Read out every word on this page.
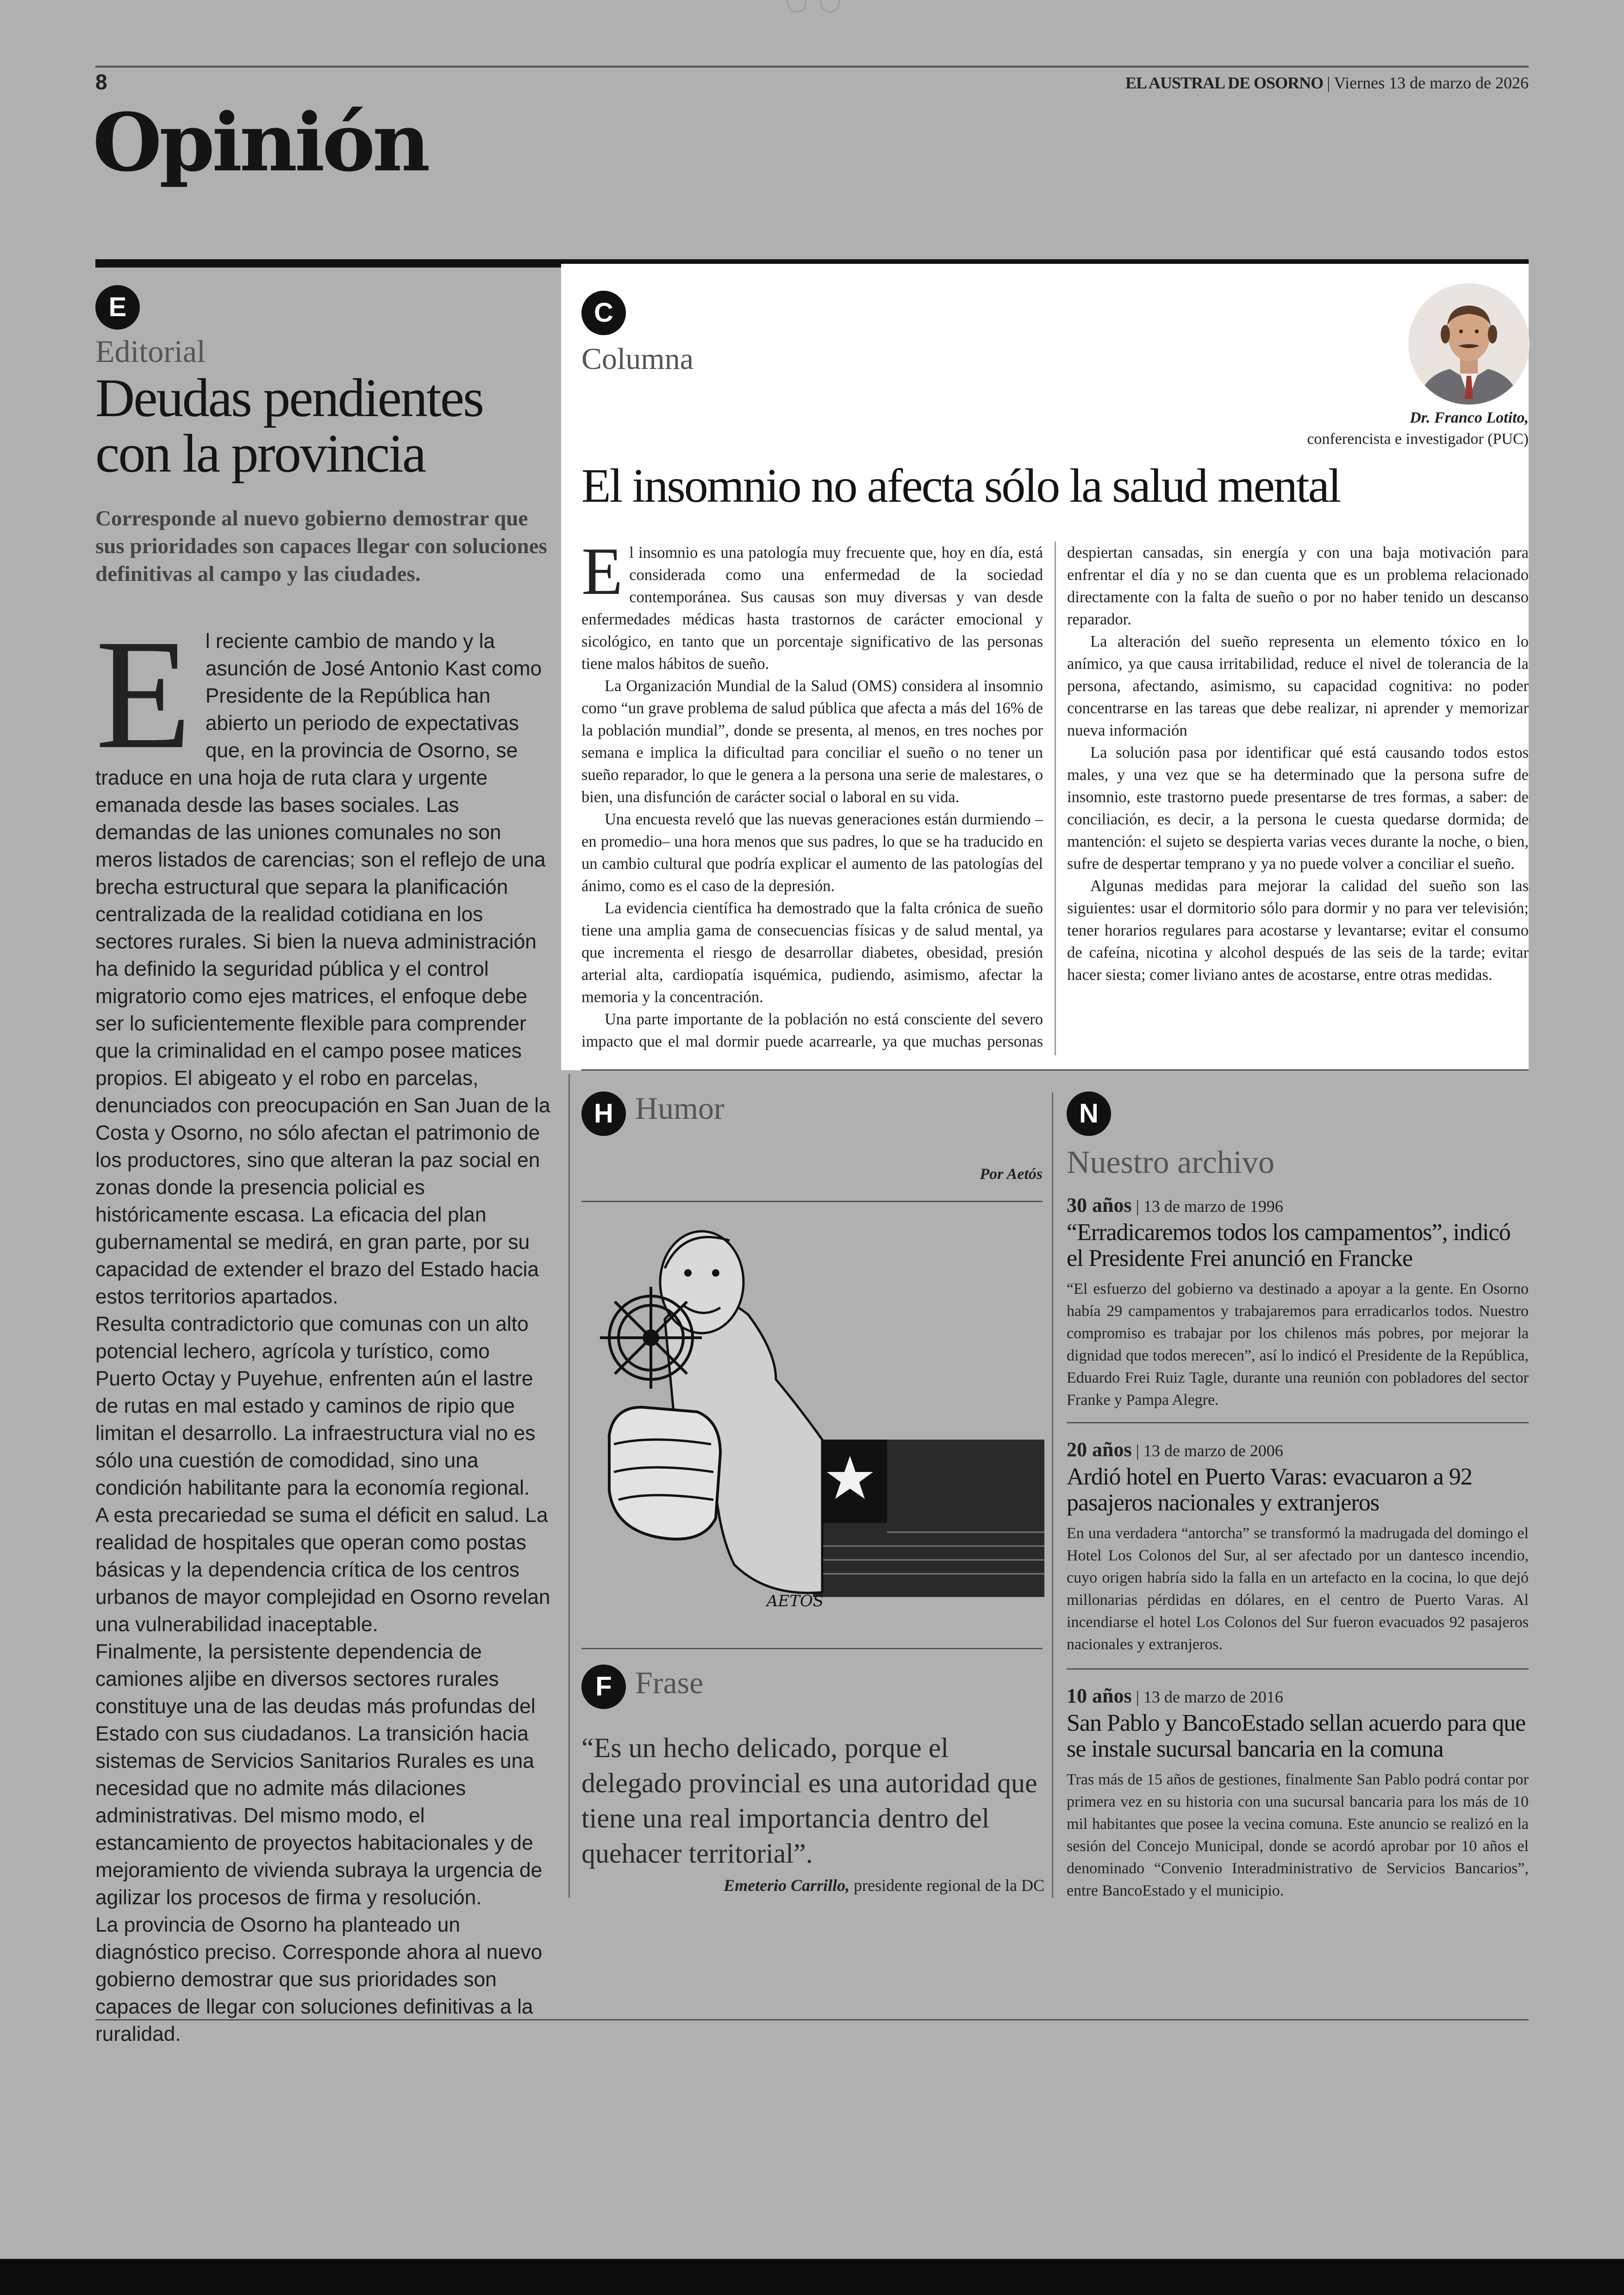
8	EL AUSTRAL DE OSORNO | Viernes 13 de marzo de 2026
Opinión
E
Editorial
Deudas pendientes con la provincia
Corresponde al nuevo gobierno demostrar que sus prioridades son capaces llegar con soluciones definitivas al campo y las ciudades.

El reciente cambio de mando y la asunción de José Antonio Kast como Presidente de la República han abierto un periodo de expectativas que, en la provincia de Osorno, se traduce en una hoja de ruta clara y urgente emanada desde las bases sociales. Las demandas de las uniones comunales no son meros listados de carencias; son el reflejo de una brecha estructural que separa la planificación centralizada de la realidad cotidiana en los sectores rurales. Si bien la nueva administración ha definido la seguridad pública y el control migratorio como ejes matrices, el enfoque debe ser lo suficientemente flexible para comprender que la criminalidad en el campo posee matices propios. El abigeato y el robo en parcelas, denunciados con preocupación en San Juan de la Costa y Osorno, no sólo afectan el patrimonio de los productores, sino que alteran la paz social en zonas donde la presencia policial es históricamente escasa. La eficacia del plan gubernamental se medirá, en gran parte, por su capacidad de extender el brazo del Estado hacia estos territorios apartados.

Resulta contradictorio que comunas con un alto potencial lechero, agrícola y turístico, como Puerto Octay y Puyehue, enfrenten aún el lastre de rutas en mal estado y caminos de ripio que limitan el desarrollo. La infraestructura vial no es sólo una cuestión de comodidad, sino una condición habilitante para la economía regional.

A esta precariedad se suma el déficit en salud. La realidad de hospitales que operan como postas básicas y la dependencia crítica de los centros urbanos de mayor complejidad en Osorno revelan una vulnerabilidad inaceptable.

Finalmente, la persistente dependencia de camiones aljibe en diversos sectores rurales constituye una de las deudas más profundas del Estado con sus ciudadanos. La transición hacia sistemas de Servicios Sanitarios Rurales es una necesidad que no admite más dilaciones administrativas. Del mismo modo, el estancamiento de proyectos habitacionales y de mejoramiento de vivienda subraya la urgencia de agilizar los procesos de firma y resolución.

La provincia de Osorno ha planteado un diagnóstico preciso. Corresponde ahora al nuevo gobierno demostrar que sus prioridades son capaces de llegar con soluciones definitivas a la ruralidad.

C
Columna
Dr. Franco Lotito,
conferencista e investigador (PUC)
El insomnio no afecta sólo la salud mental

El insomnio es una patología muy frecuente que, hoy en día, está considerada como una enfermedad de la sociedad contemporánea. Sus causas son muy diversas y van desde enfermedades médicas hasta trastornos de carácter emocional y sicológico, en tanto que un porcentaje significativo de las personas tiene malos hábitos de sueño.

La Organización Mundial de la Salud (OMS) considera al insomnio como “un grave problema de salud pública que afecta a más del 16% de la población mundial”, donde se presenta, al menos, en tres noches por semana e implica la dificultad para conciliar el sueño o no tener un sueño reparador, lo que le genera a la persona una serie de malestares, o bien, una disfunción de carácter social o laboral en su vida.

Una encuesta reveló que las nuevas generaciones están durmiendo –en promedio– una hora menos que sus padres, lo que se ha traducido en un cambio cultural que podría explicar el aumento de las patologías del ánimo, como es el caso de la depresión.

La evidencia científica ha demostrado que la falta crónica de sueño tiene una amplia gama de consecuencias físicas y de salud mental, ya que incrementa el riesgo de desarrollar diabetes, obesidad, presión arterial alta, cardiopatía isquémica, pudiendo, asimismo, afectar la memoria y la concentración.

Una parte importante de la población no está consciente del severo impacto que el mal dormir puede acarrearle, ya que muchas personas despiertan cansadas, sin energía y con una baja motivación para enfrentar el día y no se dan cuenta que es un problema relacionado directamente con la falta de sueño o por no haber tenido un descanso reparador.

La alteración del sueño representa un elemento tóxico en lo anímico, ya que causa irritabilidad, reduce el nivel de tolerancia de la persona, afectando, asimismo, su capacidad cognitiva: no poder concentrarse en las tareas que debe realizar, ni aprender y memorizar nueva información

La solución pasa por identificar qué está causando todos estos males, y una vez que se ha determinado que la persona sufre de insomnio, este trastorno puede presentarse de tres formas, a saber: de conciliación, es decir, a la persona le cuesta quedarse dormida; de mantención: el sujeto se despierta varias veces durante la noche, o bien, sufre de despertar temprano y ya no puede volver a conciliar el sueño.

Algunas medidas para mejorar la calidad del sueño son las siguientes: usar el dormitorio sólo para dormir y no para ver televisión; tener horarios regulares para acostarse y levantarse; evitar el consumo de cafeína, nicotina y alcohol después de las seis de la tarde; evitar hacer siesta; comer liviano antes de acostarse, entre otras medidas.

H Humor
Por Aetós
AETÓS
F Frase
“Es un hecho delicado, porque el delegado provincial es una autoridad que tiene una real importancia dentro del quehacer territorial”.
Emeterio Carrillo, presidente regional de la DC
N
Nuestro archivo
30 años | 13 de marzo de 1996
“Erradicaremos todos los campamentos”, indicó el Presidente Frei anunció en Francke

“El esfuerzo del gobierno va destinado a apoyar a la gente. En Osorno había 29 campamentos y trabajaremos para erradicarlos todos. Nuestro compromiso es trabajar por los chilenos más pobres, por mejorar la dignidad que todos merecen”, así lo indicó el Presidente de la República, Eduardo Frei Ruiz Tagle, durante una reunión con pobladores del sector Franke y Pampa Alegre.

20 años | 13 de marzo de 2006
Ardió hotel en Puerto Varas: evacuaron a 92 pasajeros nacionales y extranjeros

En una verdadera “antorcha” se transformó la madrugada del domingo el Hotel Los Colonos del Sur, al ser afectado por un dantesco incendio, cuyo origen habría sido la falla en un artefacto en la cocina, lo que dejó millonarias pérdidas en dólares, en el centro de Puerto Varas. Al incendiarse el hotel Los Colonos del Sur fueron evacuados 92 pasajeros nacionales y extranjeros.

10 años | 13 de marzo de 2016
San Pablo y BancoEstado sellan acuerdo para que se instale sucursal bancaria en la comuna

Tras más de 15 años de gestiones, finalmente San Pablo podrá contar por primera vez en su historia con una sucursal bancaria para los más de 10 mil habitantes que posee la vecina comuna. Este anuncio se realizó en la sesión del Concejo Municipal, donde se acordó aprobar por 10 años el denominado “Convenio Interadministrativo de Servicios Bancarios”, entre BancoEstado y el municipio.
